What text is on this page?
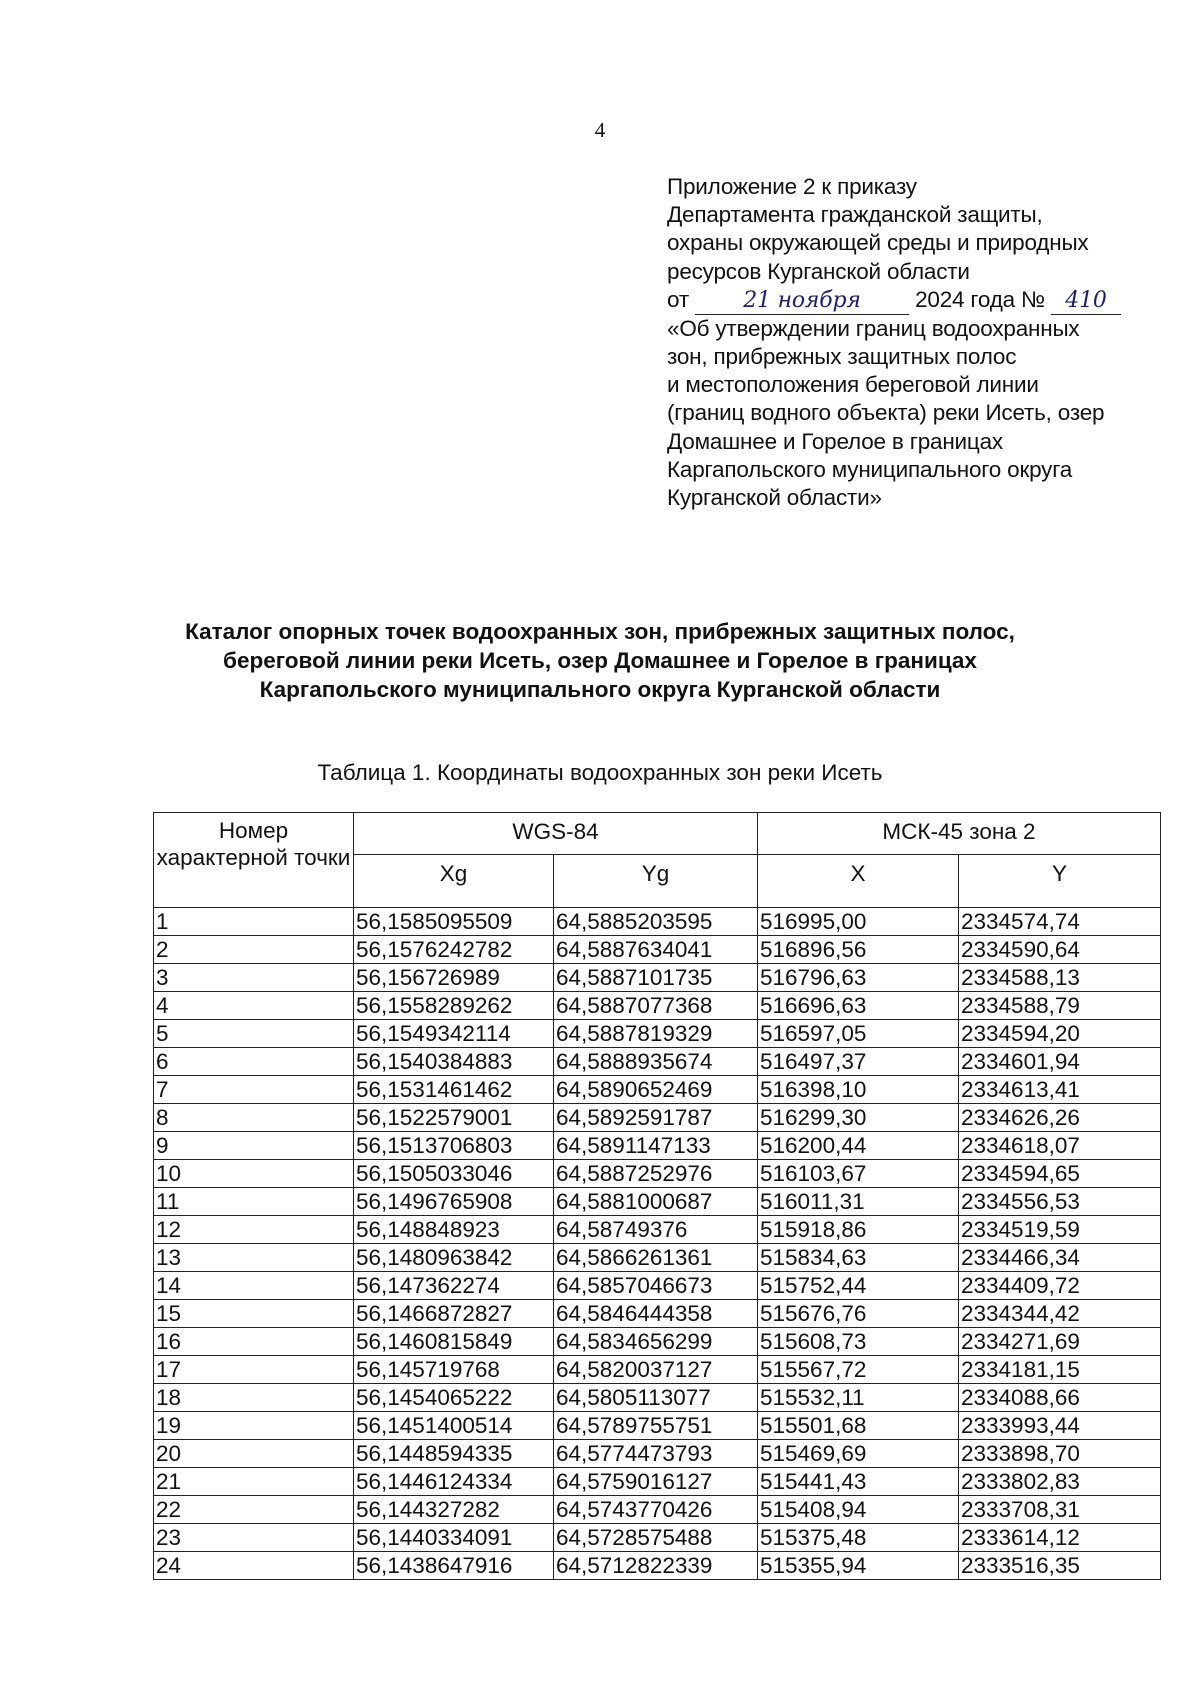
4
Приложение 2 к приказу
Департамента гражданской защиты,
охраны окружающей среды и природных
ресурсов Курганской области
от 21 ноября 2024 года № 410
«Об утверждении границ водоохранных
зон, прибрежных защитных полос
и местоположения береговой линии
(границ водного объекта) реки Исеть, озер
Домашнее и Горелое в границах
Каргапольского муниципального округа
Курганской области»
Каталог опорных точек водоохранных зон, прибрежных защитных полос,
береговой линии реки Исеть, озер Домашнее и Горелое в границах
Каргапольского муниципального округа Курганской области
Таблица 1. Координаты водоохранных зон реки Исеть
Номер характерной точки	WGS-84		МСК-45 зона 2	
	Xg	Yg	X	Y
1	56,1585095509	64,5885203595	516995,00	2334574,74
2	56,1576242782	64,5887634041	516896,56	2334590,64
3	56,156726989	64,5887101735	516796,63	2334588,13
4	56,1558289262	64,5887077368	516696,63	2334588,79
5	56,1549342114	64,5887819329	516597,05	2334594,20
6	56,1540384883	64,5888935674	516497,37	2334601,94
7	56,1531461462	64,5890652469	516398,10	2334613,41
8	56,1522579001	64,5892591787	516299,30	2334626,26
9	56,1513706803	64,5891147133	516200,44	2334618,07
10	56,1505033046	64,5887252976	516103,67	2334594,65
11	56,1496765908	64,5881000687	516011,31	2334556,53
12	56,148848923	64,58749376	515918,86	2334519,59
13	56,1480963842	64,5866261361	515834,63	2334466,34
14	56,147362274	64,5857046673	515752,44	2334409,72
15	56,1466872827	64,5846444358	515676,76	2334344,42
16	56,1460815849	64,5834656299	515608,73	2334271,69
17	56,145719768	64,5820037127	515567,72	2334181,15
18	56,1454065222	64,5805113077	515532,11	2334088,66
19	56,1451400514	64,5789755751	515501,68	2333993,44
20	56,1448594335	64,5774473793	515469,69	2333898,70
21	56,1446124334	64,5759016127	515441,43	2333802,83
22	56,144327282	64,5743770426	515408,94	2333708,31
23	56,1440334091	64,5728575488	515375,48	2333614,12
24	56,1438647916	64,5712822339	515355,94	2333516,35
